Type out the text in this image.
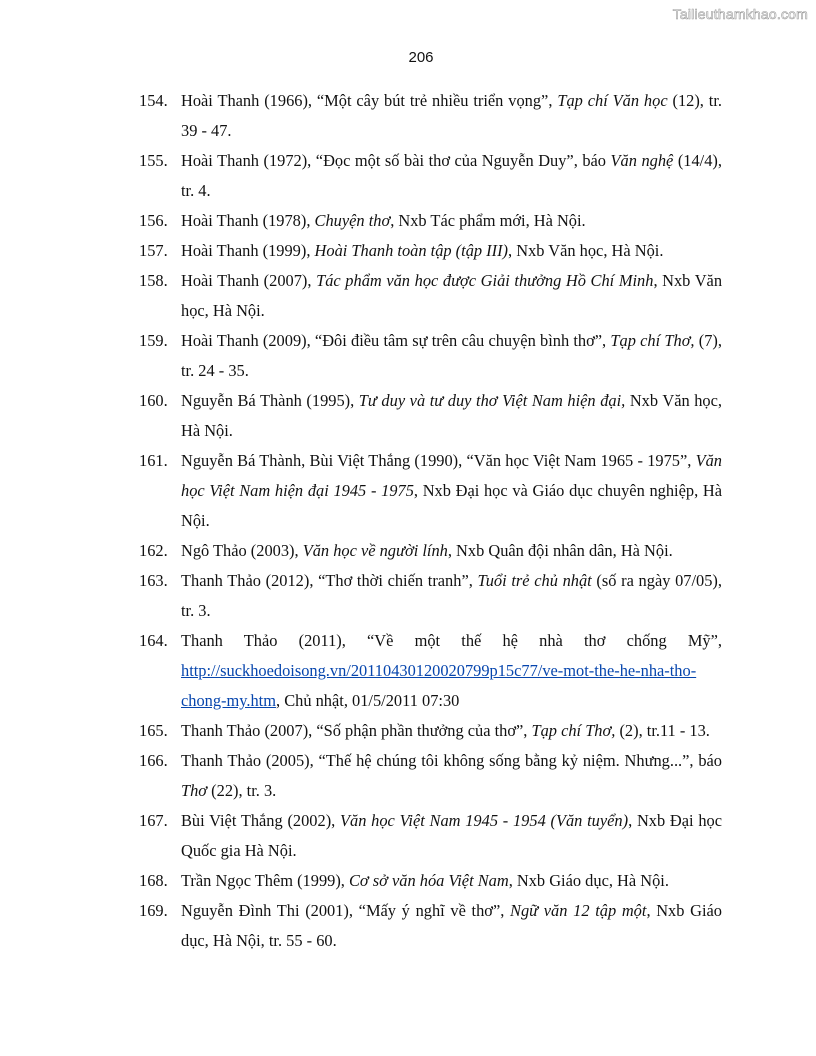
Tailieuthamkhao.com
206
154. Hoài Thanh (1966), “Một cây bút trẻ nhiều triển vọng”, Tạp chí Văn học (12), tr. 39 - 47.
155. Hoài Thanh (1972), “Đọc một số bài thơ của Nguyễn Duy”, báo Văn nghệ (14/4), tr. 4.
156. Hoài Thanh (1978), Chuyện thơ, Nxb Tác phẩm mới, Hà Nội.
157. Hoài Thanh (1999), Hoài Thanh toàn tập (tập III), Nxb Văn học, Hà Nội.
158. Hoài Thanh (2007), Tác phẩm văn học được Giải thưởng Hồ Chí Minh, Nxb Văn học, Hà Nội.
159. Hoài Thanh (2009), “Đôi điều tâm sự trên câu chuyện bình thơ”, Tạp chí Thơ, (7), tr. 24 - 35.
160. Nguyễn Bá Thành (1995), Tư duy và tư duy thơ Việt Nam hiện đại, Nxb Văn học, Hà Nội.
161. Nguyễn Bá Thành, Bùi Việt Thắng (1990), “Văn học Việt Nam 1965 - 1975”, Văn học Việt Nam hiện đại 1945 - 1975, Nxb Đại học và Giáo dục chuyên nghiệp, Hà Nội.
162. Ngô Thảo (2003), Văn học về người lính, Nxb Quân đội nhân dân, Hà Nội.
163. Thanh Thảo (2012), “Thơ thời chiến tranh”, Tuổi trẻ chủ nhật (số ra ngày 07/05), tr. 3.
164. Thanh Thảo (2011), “Về một thế hệ nhà thơ chống Mỹ”, http://suckhoedoisong.vn/20110430120020799p15c77/ve-mot-the-he-nha-tho-chong-my.htm, Chủ nhật, 01/5/2011 07:30
165. Thanh Thảo (2007), “Số phận phần thưởng của thơ”, Tạp chí Thơ, (2), tr.11 - 13.
166. Thanh Thảo (2005), “Thế hệ chúng tôi không sống bằng kỷ niệm. Nhưng...”, báo Thơ (22), tr. 3.
167. Bùi Việt Thắng (2002), Văn học Việt Nam 1945 - 1954 (Văn tuyển), Nxb Đại học Quốc gia Hà Nội.
168. Trần Ngọc Thêm (1999), Cơ sở văn hóa Việt Nam, Nxb Giáo dục, Hà Nội.
169. Nguyễn Đình Thi (2001), “Mấy ý nghĩ về thơ”, Ngữ văn 12 tập một, Nxb Giáo dục, Hà Nội, tr. 55 - 60.
